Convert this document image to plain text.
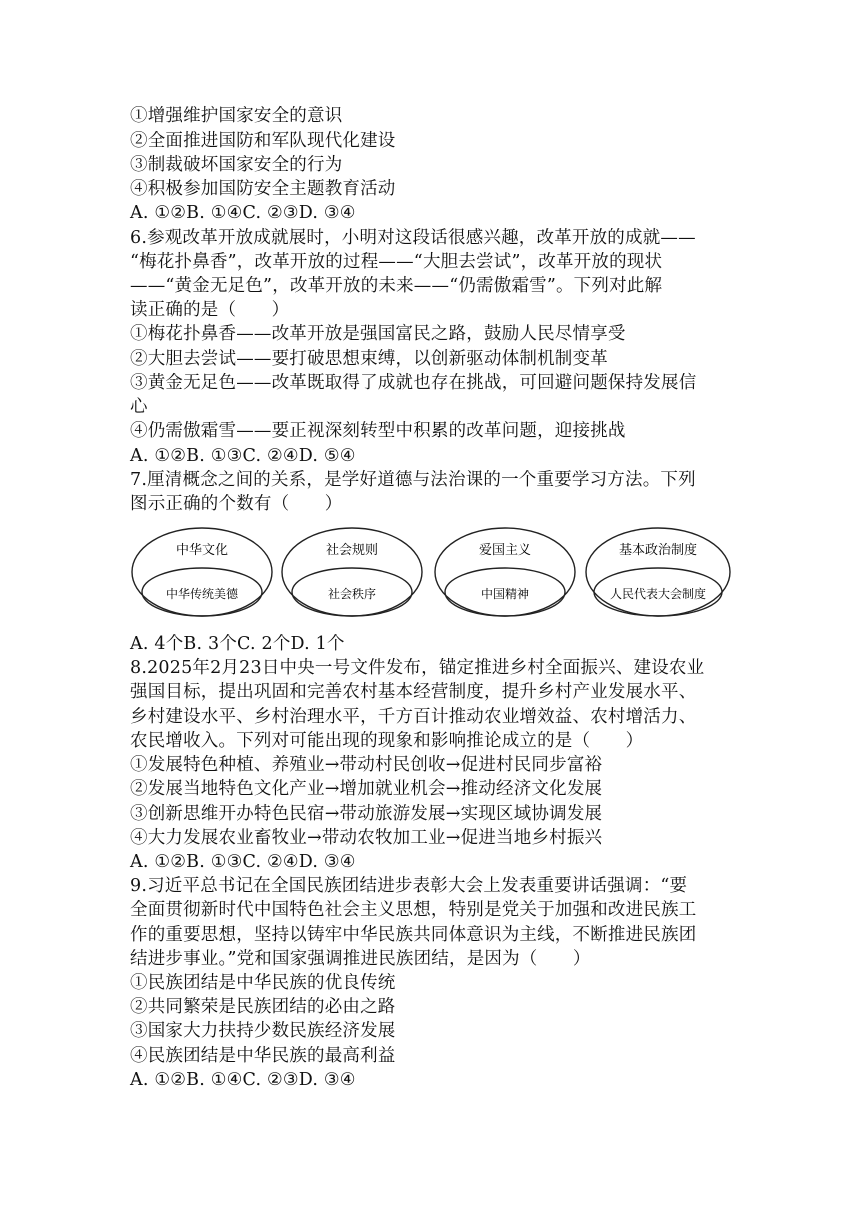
①增强维护国家安全的意识
②全面推进国防和军队现代化建设
③制裁破坏国家安全的行为
④积极参加国防安全主题教育活动
A. ①②B. ①④C. ②③D. ③④
6.参观改革开放成就展时，小明对这段话很感兴趣，改革开放的成就——
“梅花扑鼻香”，改革开放的过程——“大胆去尝试”，改革开放的现状
——“黄金无足色”，改革开放的未来——“仍需傲霜雪”。下列对此解
读正确的是（　　）
①梅花扑鼻香——改革开放是强国富民之路，鼓励人民尽情享受
②大胆去尝试——要打破思想束缚，以创新驱动体制机制变革
③黄金无足色——改革既取得了成就也存在挑战，可回避问题保持发展信
心
④仍需傲霜雪——要正视深刻转型中积累的改革问题，迎接挑战
A. ①②B. ①③C. ②④D. ⑤④
7.厘清概念之间的关系，是学好道德与法治课的一个重要学习方法。下列
图示正确的个数有（　　）
中华文化
中华传统美德
社会规则
社会秩序
爱国主义
中国精神
基本政治制度
人民代表大会制度
A. 4个B. 3个C. 2个D. 1个
8.2025年2月23日中央一号文件发布，锚定推进乡村全面振兴、建设农业
强国目标，提出巩固和完善农村基本经营制度，提升乡村产业发展水平、
乡村建设水平、乡村治理水平，千方百计推动农业增效益、农村增活力、
农民增收入。下列对可能出现的现象和影响推论成立的是（　　）
①发展特色种植、养殖业→带动村民创收→促进村民同步富裕
②发展当地特色文化产业→增加就业机会→推动经济文化发展
③创新思维开办特色民宿→带动旅游发展→实现区域协调发展
④大力发展农业畜牧业→带动农牧加工业→促进当地乡村振兴
A. ①②B. ①③C. ②④D. ③④
9.习近平总书记在全国民族团结进步表彰大会上发表重要讲话强调：“要
全面贯彻新时代中国特色社会主义思想，特别是党关于加强和改进民族工
作的重要思想，坚持以铸牢中华民族共同体意识为主线，不断推进民族团
结进步事业。”党和国家强调推进民族团结，是因为（　　）
①民族团结是中华民族的优良传统
②共同繁荣是民族团结的必由之路
③国家大力扶持少数民族经济发展
④民族团结是中华民族的最高利益
A. ①②B. ①④C. ②③D. ③④
